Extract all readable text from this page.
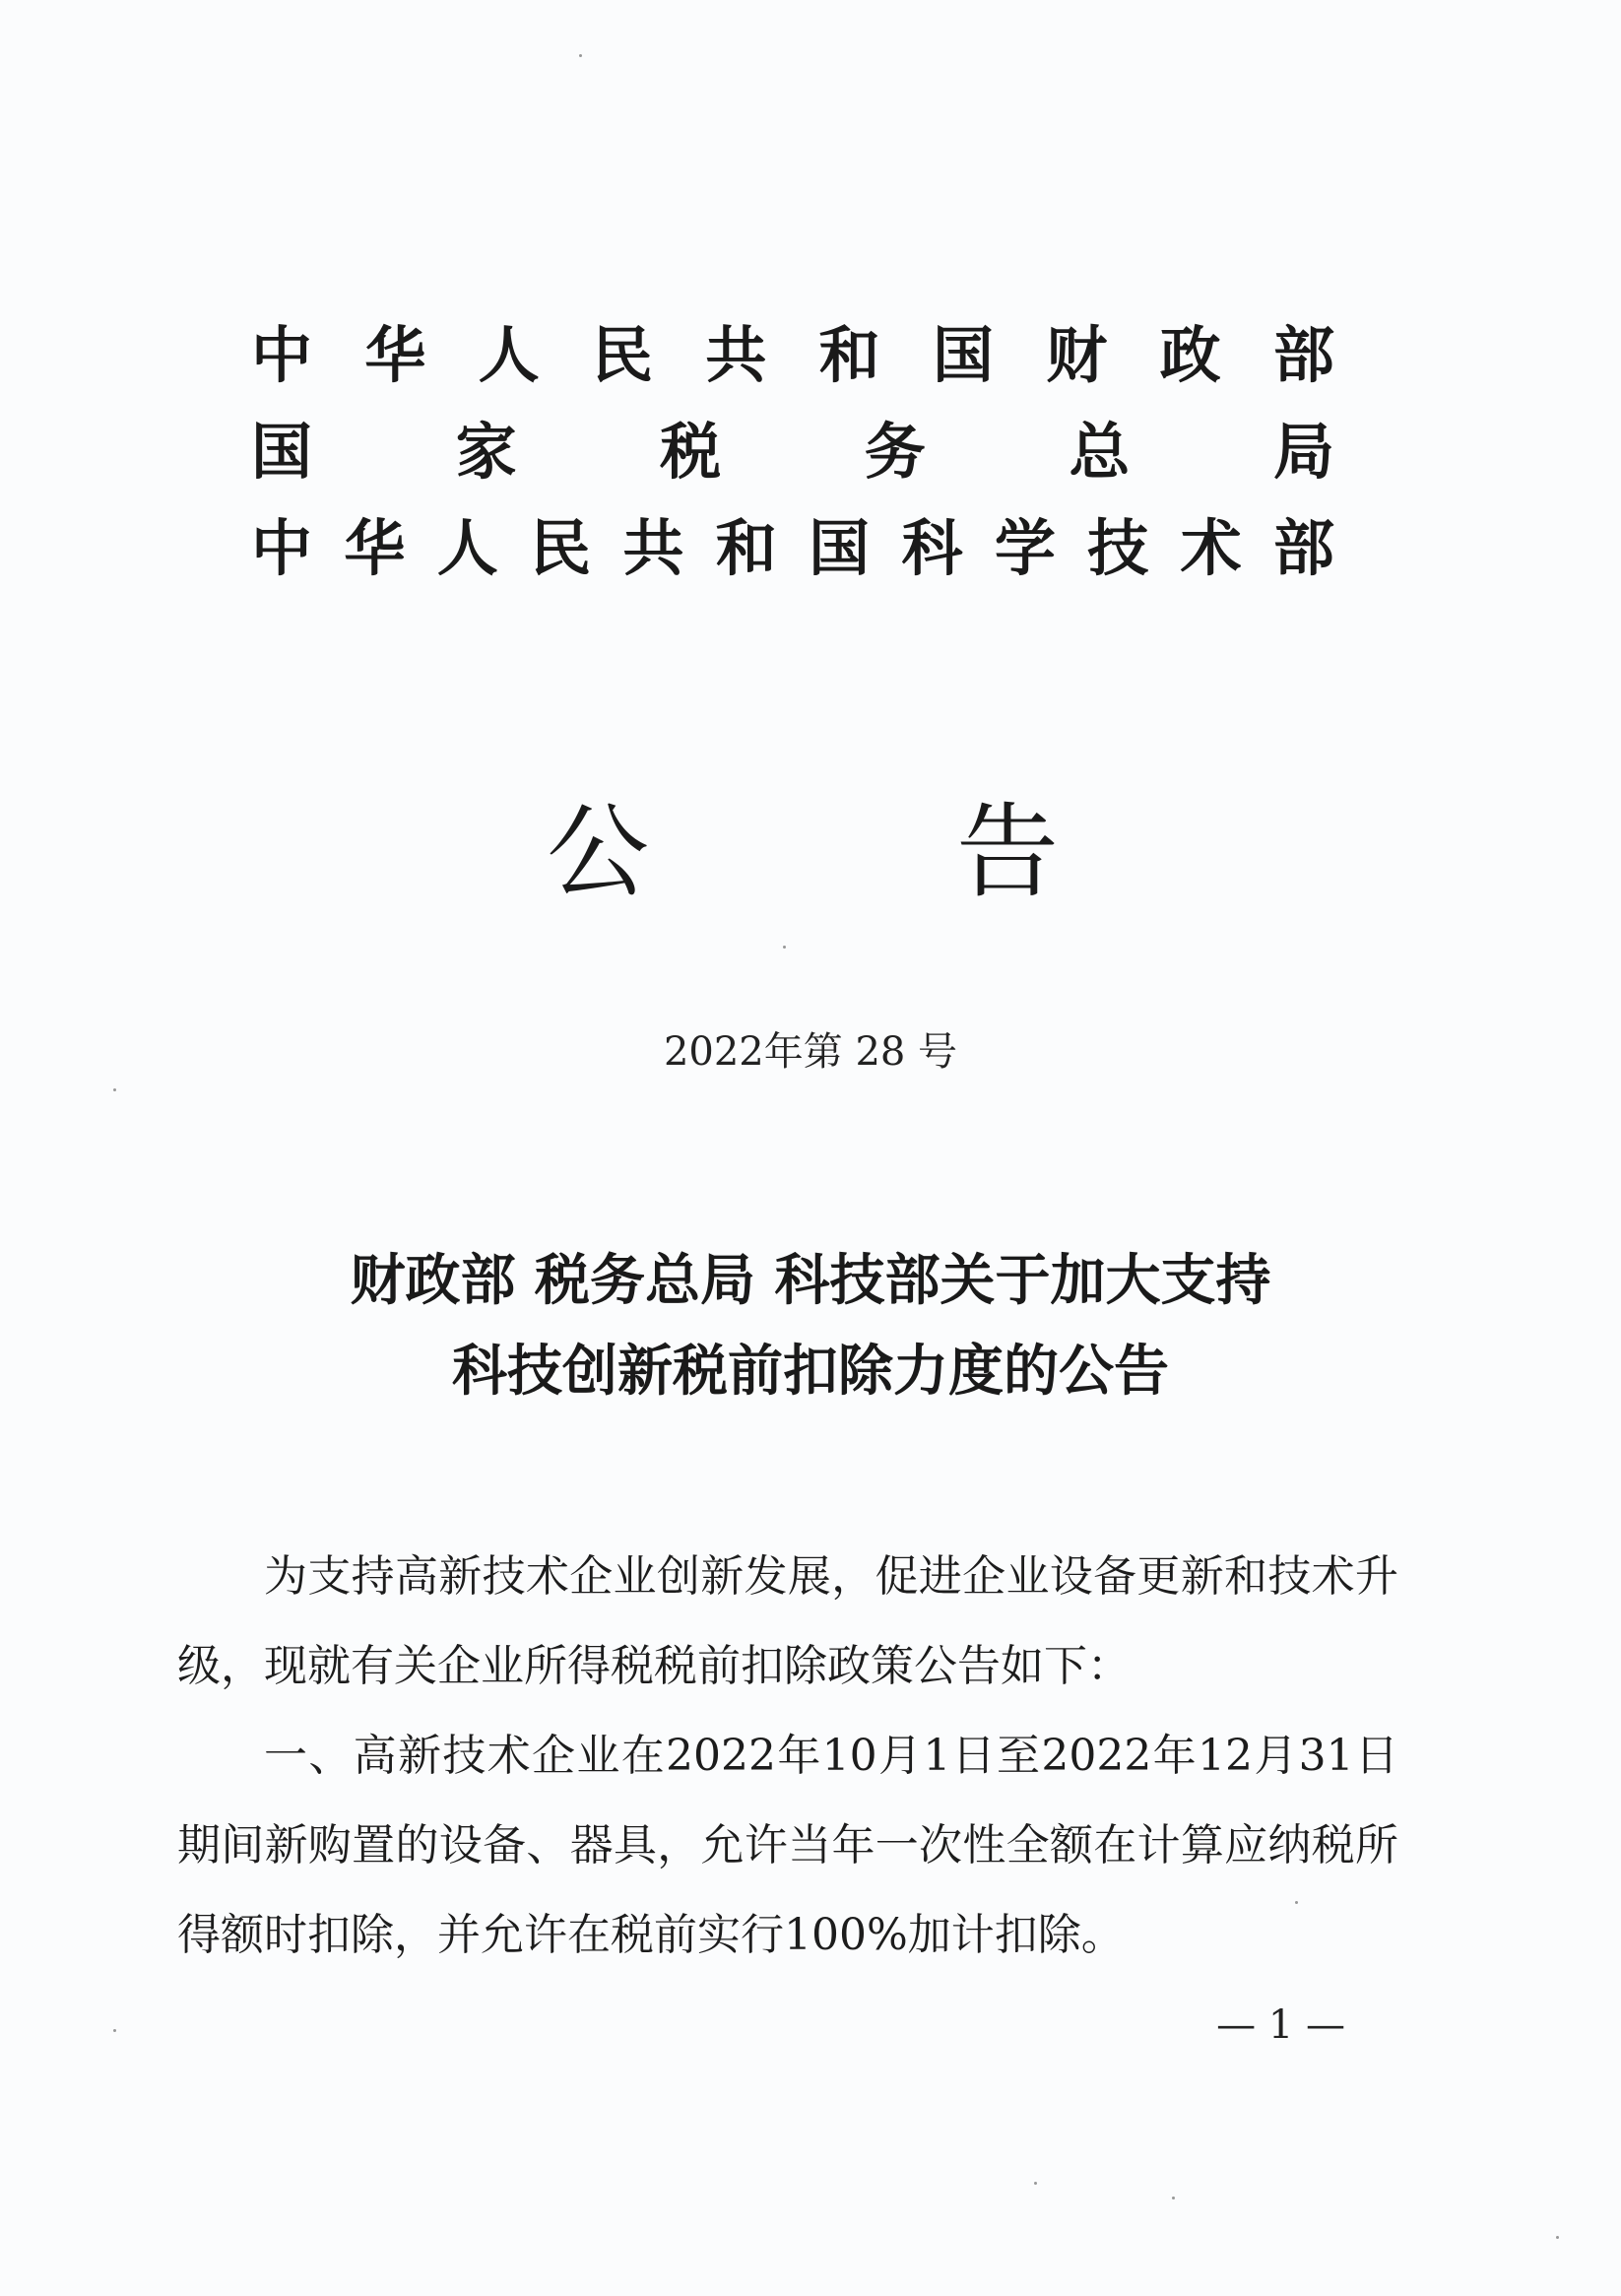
中 华 人 民 共 和 国 财 政 部
国 家 税 务 总 局
中 华 人 民 共 和 国 科 学 技 术 部
公	告
2022年第 28 号
财政部 税务总局 科技部关于加大支持
科技创新税前扣除力度的公告

为支持高新技术企业创新发展，促进企业设备更新和技术升级，现就有关企业所得税税前扣除政策公告如下：

一、高新技术企业在2022年10月1日至2022年12月31日期间新购置的设备、器具，允许当年一次性全额在计算应纳税所得额时扣除，并允许在税前实行100%加计扣除。

— 1 —
